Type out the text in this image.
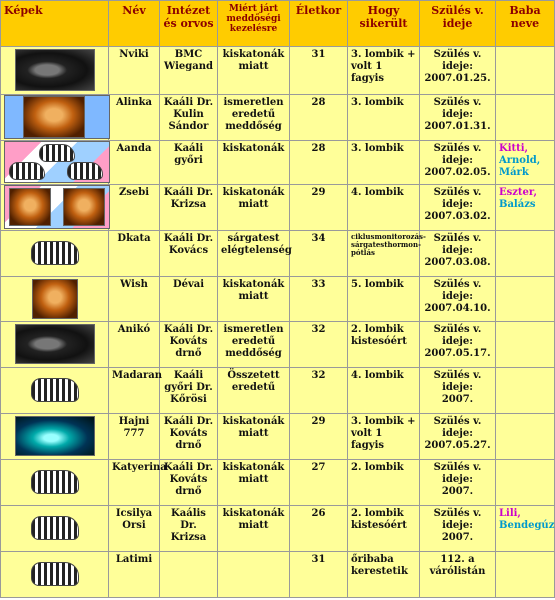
Képek	Név	Intézet és orvos	Miért járt meddőségi kezelésre	Életkor	Hogy sikerült	Szülés v. ideje	Baba neve

	Nviki	BMC
Wiegand	kiskatonák
miatt	31	3. lombik +
volt 1 fagyis	Szülés v. ideje:
2007.01.25.	

	Alinka	Kaáli Dr.
Kulin
Sándor	ismeretlen
eredetű
meddőség	28	3. lombik	Szülés v. ideje:
2007.01.31.	

	Aanda	Kaáli
győri	kiskatonák	28	3. lombik	Szülés v. ideje:
2007.02.05.	Kitti,
Arnold,
Márk

	Zsebi	Kaáli Dr.
Krizsa	kiskatonák
miatt	29	4. lombik	Szülés v. ideje:
2007.03.02.	Eszter,
Balázs

	Dkata	Kaáli Dr.
Kovács	sárgatest
elégtelenség	34	ciklusmonitorozás-
sárgatesthormon-
pótlás	Szülés v. ideje:
2007.03.08.	

	Wish	Dévai	kiskatonák
miatt	33	5. lombik	Szülés v. ideje:
2007.04.10.	

	Anikó	Kaáli Dr.
Kováts
drnő	ismeretlen
eredetű
meddőség	32	2. lombik
kistesóért	Szülés v. ideje:
2007.05.17.	

	Madaran	Kaáli
győri Dr.
Kőrösi	Összetett
eredetű	32	4. lombik	Szülés v. ideje:
2007.	

	Hajni 777	Kaáli Dr.
Kováts
drnő	kiskatonák
miatt	29	3. lombik +
volt 1 fagyis	Szülés v. ideje:
2007.05.27.	

	Katyerina	Kaáli Dr.
Kováts
drnő	kiskatonák
miatt	27	2. lombik	Szülés v. ideje:
2007.	

	Icsilya Orsi	Kaális Dr.
Krizsa	kiskatonák
miatt	26	2. lombik
kistesóért	Szülés v. ideje:
2007.	Lili,
Bendegúz

	Latimi			31	őribaba
kerestetik	112. a
várólistán	
